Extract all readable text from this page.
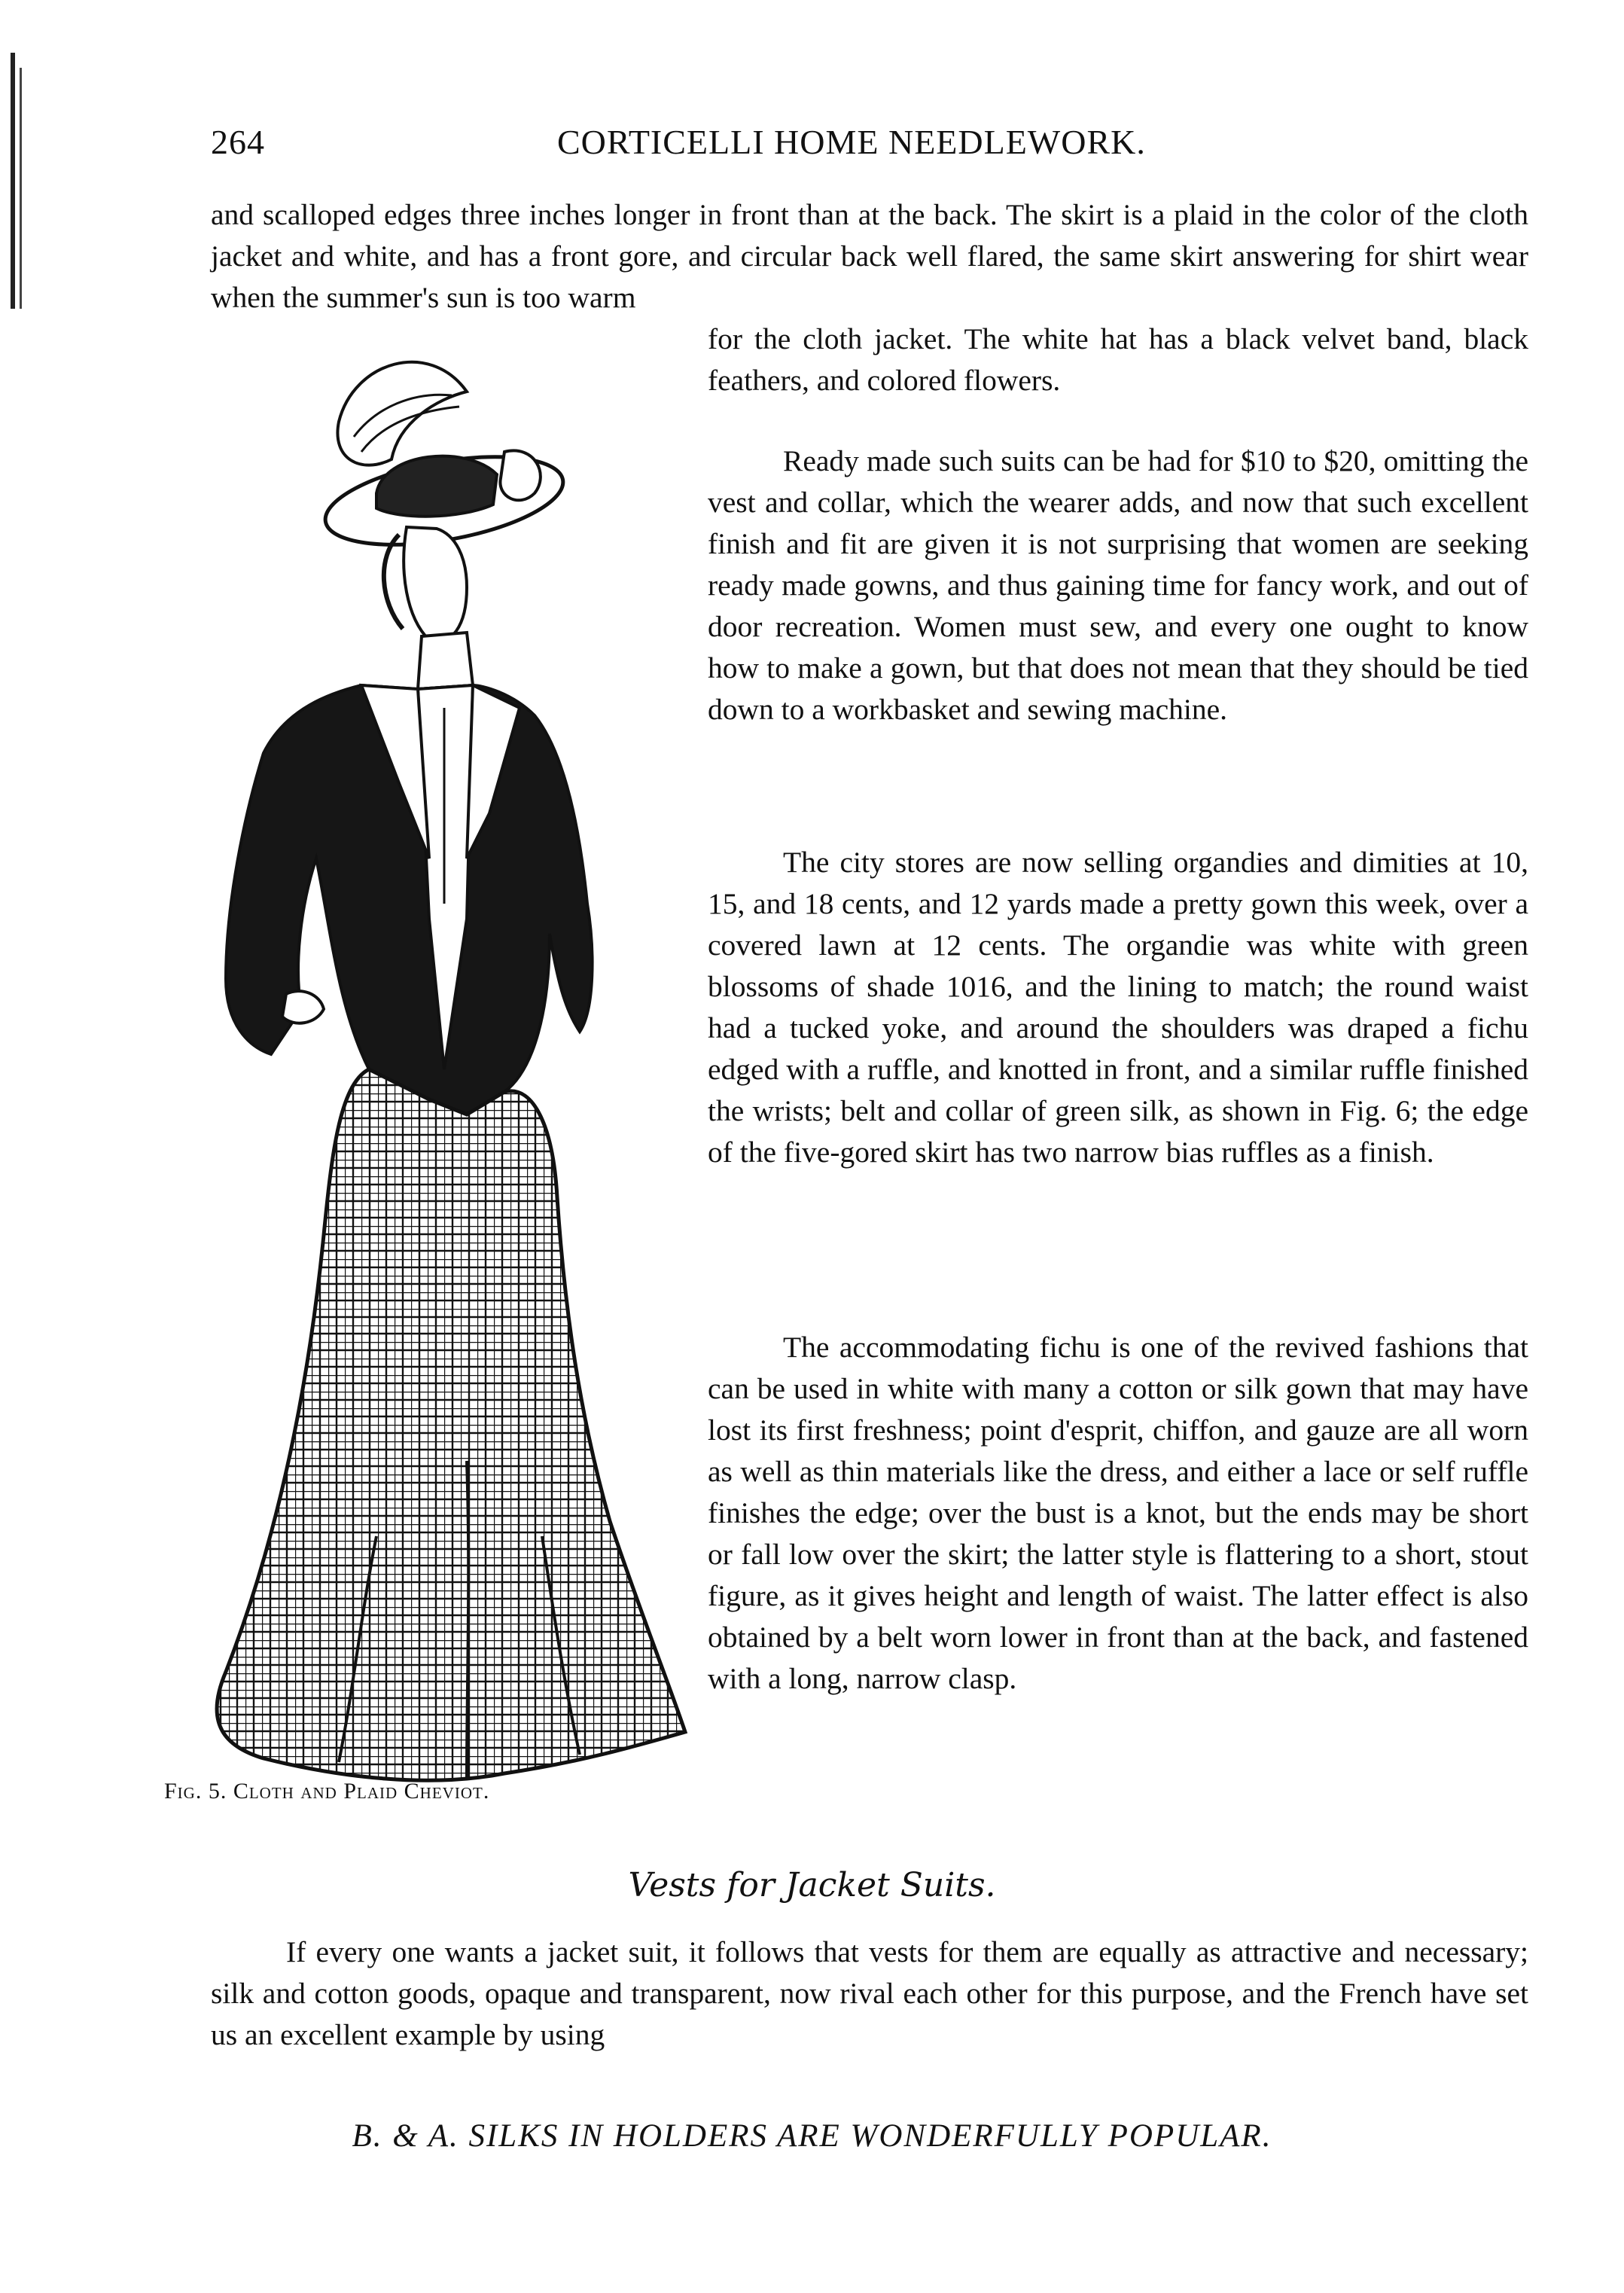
264	CORTICELLI HOME NEEDLEWORK.
and scalloped edges three inches longer in front than at the back. The skirt is a plaid in the color of the cloth jacket and white, and has a front gore, and circular back well flared, the same skirt answering for shirt wear when the summer's sun is too warm
for the cloth jacket. The white hat has a black velvet band, black feathers, and colored flowers.

Ready made such suits can be had for $10 to $20, omitting the vest and collar, which the wearer adds, and now that such excellent finish and fit are given it is not surprising that women are seeking ready made gowns, and thus gaining time for fancy work, and out of door recreation. Women must sew, and every one ought to know how to make a gown, but that does not mean that they should be tied down to a workbasket and sewing machine.

The city stores are now selling organdies and dimities at 10, 15, and 18 cents, and 12 yards made a pretty gown this week, over a covered lawn at 12 cents. The organdie was white with green blossoms of shade 1016, and the lining to match; the round waist had a tucked yoke, and around the shoulders was draped a fichu edged with a ruffle, and knotted in front, and a similar ruffle finished the wrists; belt and collar of green silk, as shown in Fig. 6; the edge of the five-gored skirt has two narrow bias ruffles as a finish.

The accommodating fichu is one of the revived fashions that can be used in white with many a cotton or silk gown that may have lost its first freshness; point d'esprit, chiffon, and gauze are all worn as well as thin materials like the dress, and either a lace or self ruffle finishes the edge; over the bust is a knot, but the ends may be short or fall low over the skirt; the latter style is flattering to a short, stout figure, as it gives height and length of waist. The latter effect is also obtained by a belt worn lower in front than at the back, and fastened with a long, narrow clasp.

Fig. 5. Cloth and Plaid Cheviot.
Vests for Jacket Suits.

If every one wants a jacket suit, it follows that vests for them are equally as attractive and necessary; silk and cotton goods, opaque and transparent, now rival each other for this purpose, and the French have set us an excellent example by using

B. & A. SILKS IN HOLDERS ARE WONDERFULLY POPULAR.
